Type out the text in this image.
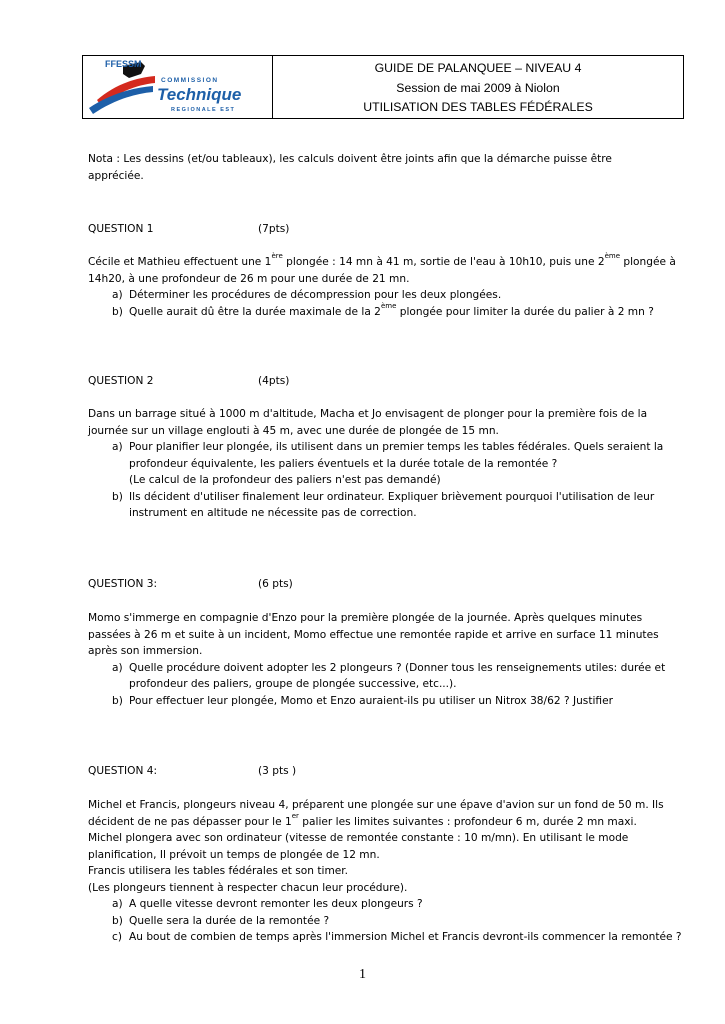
FFESSM
COMMISSION
Technique
REGIONALE EST
GUIDE DE PALANQUEE – NIVEAU 4
Session de mai 2009 à Niolon
UTILISATION DES TABLES FÉDÉRALES

Nota : Les dessins (et/ou tableaux), les calculs doivent être joints afin que la démarche puisse être

appréciée.

QUESTION 1	(7pts)

Cécile et Mathieu effectuent une 1ère plongée : 14 mn à 41 m, sortie de l'eau à 10h10, puis une 2ème plongée à

14h20, à une profondeur de 26 m pour une durée de 21 mn.

a) Déterminer les procédures de décompression pour les deux plongées.
b) Quelle aurait dû être la durée maximale de la 2ème plongée pour limiter la durée du palier à 2 mn ?
QUESTION 2	(4pts)

Dans un barrage situé à 1000 m d'altitude, Macha et Jo envisagent de plonger pour la première fois de la

journée sur un village englouti à 45 m, avec une durée de plongée de 15 mn.

a) Pour planifier leur plongée, ils utilisent dans un premier temps les tables fédérales. Quels seraient la
profondeur équivalente, les paliers éventuels et la durée totale de la remontée ?
(Le calcul de la profondeur des paliers n'est pas demandé)
b) Ils décident d'utiliser finalement leur ordinateur. Expliquer brièvement pourquoi l'utilisation de leur
instrument en altitude ne nécessite pas de correction.
QUESTION 3:	(6 pts)

Momo s'immerge en compagnie d'Enzo pour la première plongée de la journée. Après quelques minutes

passées à 26 m et suite à un incident, Momo effectue une remontée rapide et arrive en surface 11 minutes

après son immersion.

a) Quelle procédure doivent adopter les 2 plongeurs ? (Donner tous les renseignements utiles: durée et
profondeur des paliers, groupe de plongée successive, etc...).
b) Pour effectuer leur plongée, Momo et Enzo auraient-ils pu utiliser un Nitrox 38/62 ? Justifier
QUESTION 4:	(3 pts )

Michel et Francis, plongeurs niveau 4, préparent une plongée sur une épave d'avion sur un fond de 50 m. Ils

décident de ne pas dépasser pour le 1er palier les limites suivantes : profondeur 6 m, durée 2 mn maxi.

Michel plongera avec son ordinateur (vitesse de remontée constante : 10 m/mn). En utilisant le mode

planification, Il prévoit un temps de plongée de 12 mn.

Francis utilisera les tables fédérales et son timer.

(Les plongeurs tiennent à respecter chacun leur procédure).

a) A quelle vitesse devront remonter les deux plongeurs ?
b) Quelle sera la durée de la remontée ?
c) Au bout de combien de temps après l'immersion Michel et Francis devront-ils commencer la remontée ?
1
